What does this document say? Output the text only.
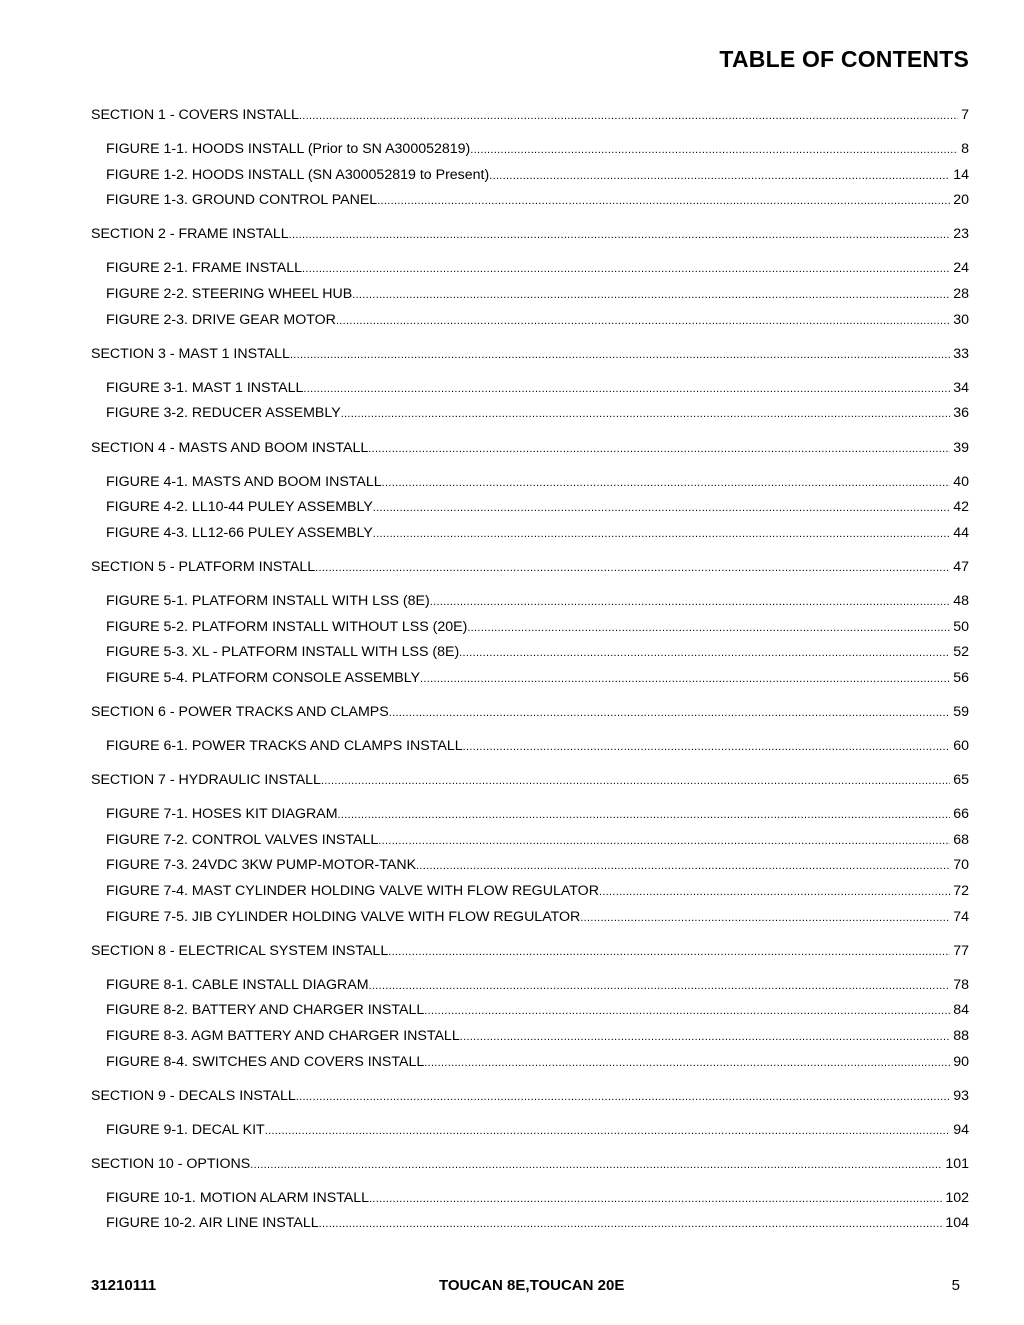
TABLE OF CONTENTS
SECTION 1 - COVERS INSTALL .....	7
FIGURE 1-1. HOODS INSTALL (Prior to SN A300052819) .....	8
FIGURE 1-2. HOODS INSTALL (SN A300052819 to Present) .....	14
FIGURE 1-3. GROUND CONTROL PANEL .....	20
SECTION 2 - FRAME INSTALL .....	23
FIGURE 2-1. FRAME INSTALL .....	24
FIGURE 2-2. STEERING WHEEL HUB .....	28
FIGURE 2-3. DRIVE GEAR MOTOR .....	30
SECTION 3 - MAST 1 INSTALL .....	33
FIGURE 3-1. MAST 1 INSTALL .....	34
FIGURE 3-2. REDUCER ASSEMBLY .....	36
SECTION 4 - MASTS AND BOOM INSTALL .....	39
FIGURE 4-1. MASTS AND BOOM INSTALL .....	40
FIGURE 4-2. LL10-44 PULEY ASSEMBLY .....	42
FIGURE 4-3. LL12-66 PULEY ASSEMBLY .....	44
SECTION 5 - PLATFORM INSTALL .....	47
FIGURE 5-1. PLATFORM INSTALL WITH LSS (8E) .....	48
FIGURE 5-2. PLATFORM INSTALL WITHOUT LSS (20E) .....	50
FIGURE 5-3. XL - PLATFORM INSTALL WITH LSS (8E) .....	52
FIGURE 5-4. PLATFORM CONSOLE ASSEMBLY .....	56
SECTION 6 - POWER TRACKS AND CLAMPS .....	59
FIGURE 6-1. POWER TRACKS AND CLAMPS INSTALL .....	60
SECTION 7 - HYDRAULIC INSTALL .....	65
FIGURE 7-1. HOSES KIT DIAGRAM .....	66
FIGURE 7-2. CONTROL VALVES INSTALL .....	68
FIGURE 7-3. 24VDC 3KW PUMP-MOTOR-TANK .....	70
FIGURE 7-4. MAST CYLINDER HOLDING VALVE WITH FLOW REGULATOR .....	72
FIGURE 7-5. JIB CYLINDER HOLDING VALVE WITH FLOW REGULATOR .....	74
SECTION 8 - ELECTRICAL SYSTEM INSTALL .....	77
FIGURE 8-1. CABLE INSTALL DIAGRAM .....	78
FIGURE 8-2. BATTERY AND CHARGER INSTALL .....	84
FIGURE 8-3. AGM BATTERY AND CHARGER INSTALL .....	88
FIGURE 8-4. SWITCHES AND COVERS INSTALL .....	90
SECTION 9 - DECALS INSTALL .....	93
FIGURE 9-1. DECAL KIT .....	94
SECTION 10 - OPTIONS .....	101
FIGURE 10-1. MOTION ALARM INSTALL .....	102
FIGURE 10-2. AIR LINE INSTALL .....	104
31210111	TOUCAN 8E,TOUCAN 20E	5
